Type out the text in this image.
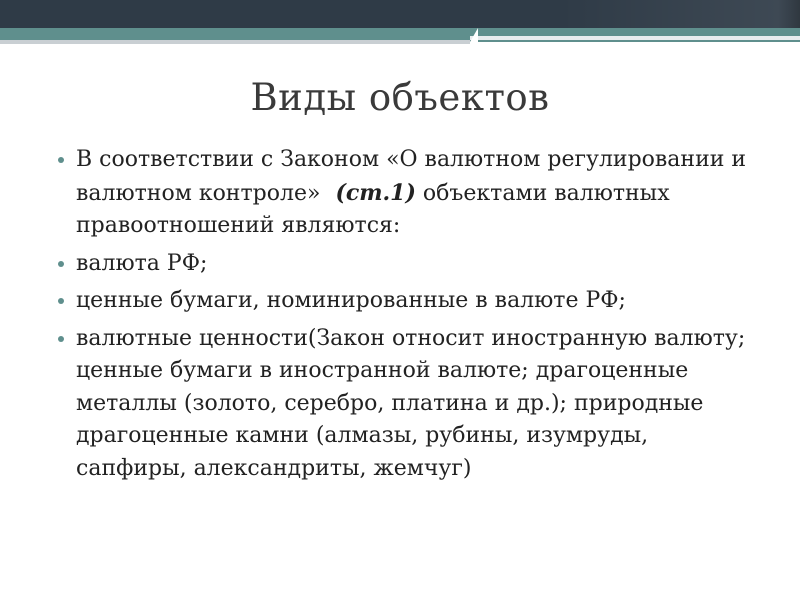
Виды объектов
В соответствии с Законом «О валютном регулировании и валютном контроле» (ст.1) объектами валютных правоотношений являются:
валюта РФ;
ценные бумаги, номинированные в валюте РФ;
валютные ценности(Закон относит иностранную валюту; ценные бумаги в иностранной валюте; драгоценные металлы (золото, серебро, платина и др.); природные драгоценные камни (алмазы, рубины, изумруды, сапфиры, александриты, жемчуг)
